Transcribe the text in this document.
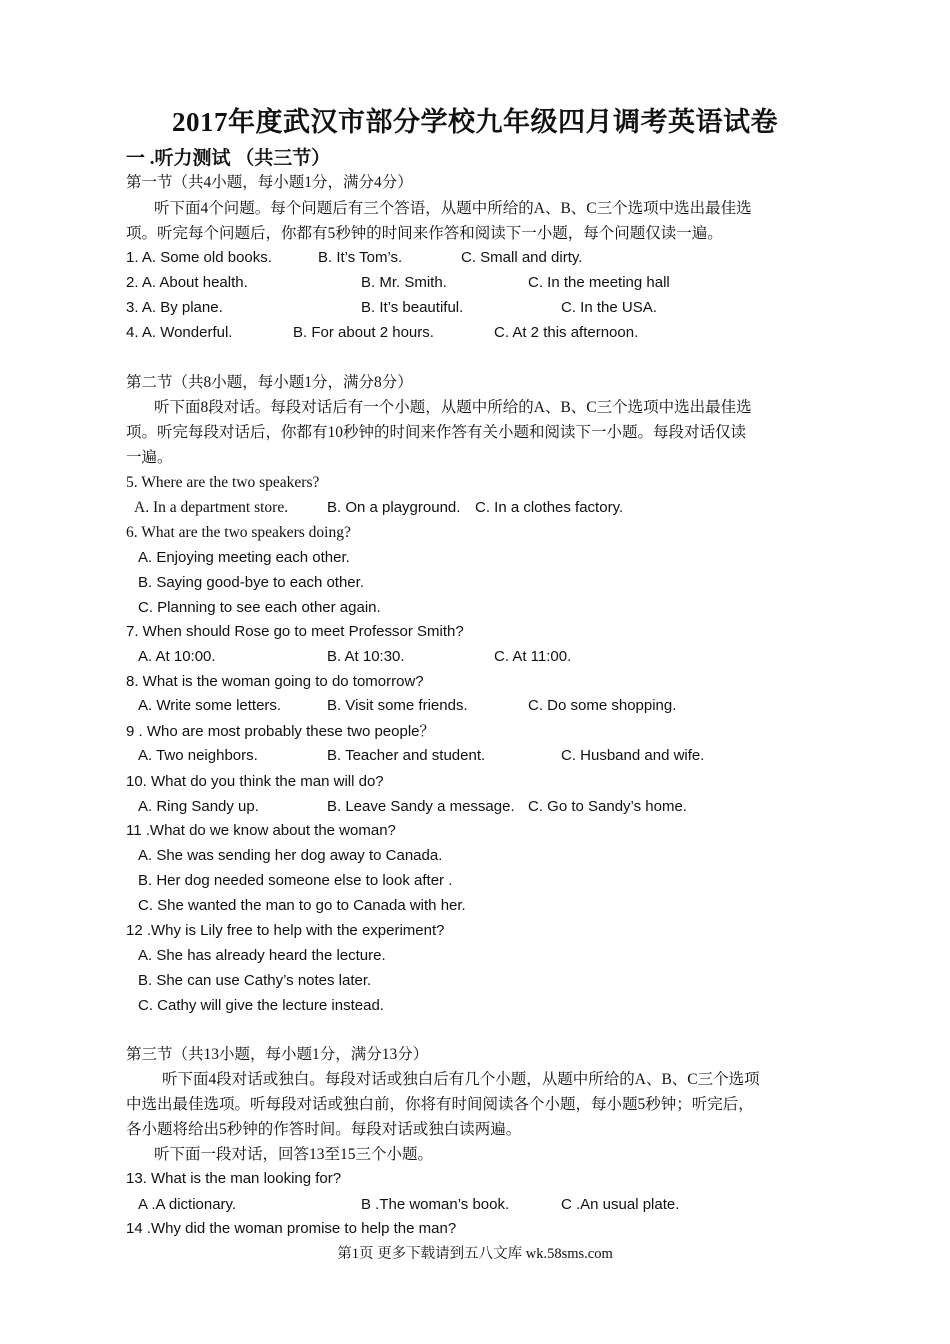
2017年度武汉市部分学校九年级四月调考英语试卷
一 .听力测试 （共三节）
第一节（共4小题，每小题1分，满分4分）
听下面4个问题。每个问题后有三个答语，从题中所给的A、B、C三个选项中选出最佳选
项。听完每个问题后，你都有5秒钟的时间来作答和阅读下一小题，每个问题仅读一遍。
1. A. Some old books.	B. It’s Tom’s.	C. Small and dirty.
2. A. About health.	B. Mr. Smith.	C. In the meeting hall
3. A. By plane.	B. It’s beautiful.	C. In the USA.
4. A. Wonderful.	B. For about 2 hours.	C. At 2 this afternoon.
第二节（共8小题，每小题1分，满分8分）
听下面8段对话。每段对话后有一个小题，从题中所给的A、B、C三个选项中选出最佳选
项。听完每段对话后，你都有10秒钟的时间来作答有关小题和阅读下一小题。每段对话仅读
一遍。
5. Where are the two speakers?
A. In a department store.	B. On a playground. C. In a clothes factory.
6. What are the two speakers doing?
A. Enjoying meeting each other.
B. Saying good-bye to each other.
C. Planning to see each other again.
7. When should Rose go to meet Professor Smith?
A. At 10:00.	B. At 10:30.	C. At 11:00.
8. What is the woman going to do tomorrow?
A. Write some letters.	B. Visit some friends.	C. Do some shopping.
9 . Who are most probably these two people？
A. Two neighbors.	B. Teacher and student.	C. Husband and wife.
10. What do you think the man will do?
A. Ring Sandy up.	B. Leave Sandy a message. C. Go to Sandy’s home.
11 .What do we know about the woman?
A. She was sending her dog away to Canada.
B. Her dog needed someone else to look after .
C. She wanted the man to go to Canada with her.
12 .Why is Lily free to help with the experiment?
A. She has already heard the lecture.
B. She can use Cathy’s notes later.
C. Cathy will give the lecture instead.
第三节（共13小题，每小题1分，满分13分）
听下面4段对话或独白。每段对话或独白后有几个小题，从题中所给的A、B、C三个选项
中选出最佳选项。听每段对话或独白前，你将有时间阅读各个小题，每小题5秒钟；听完后，
各小题将给出5秒钟的作答时间。每段对话或独白读两遍。
听下面一段对话，回答13至15三个小题。
13. What is the man looking for?
A .A dictionary.	B .The woman’s book.	C .An usual plate.
14 .Why did the woman promise to help the man?
第1页 更多下载请到五八文库 wk.58sms.com
